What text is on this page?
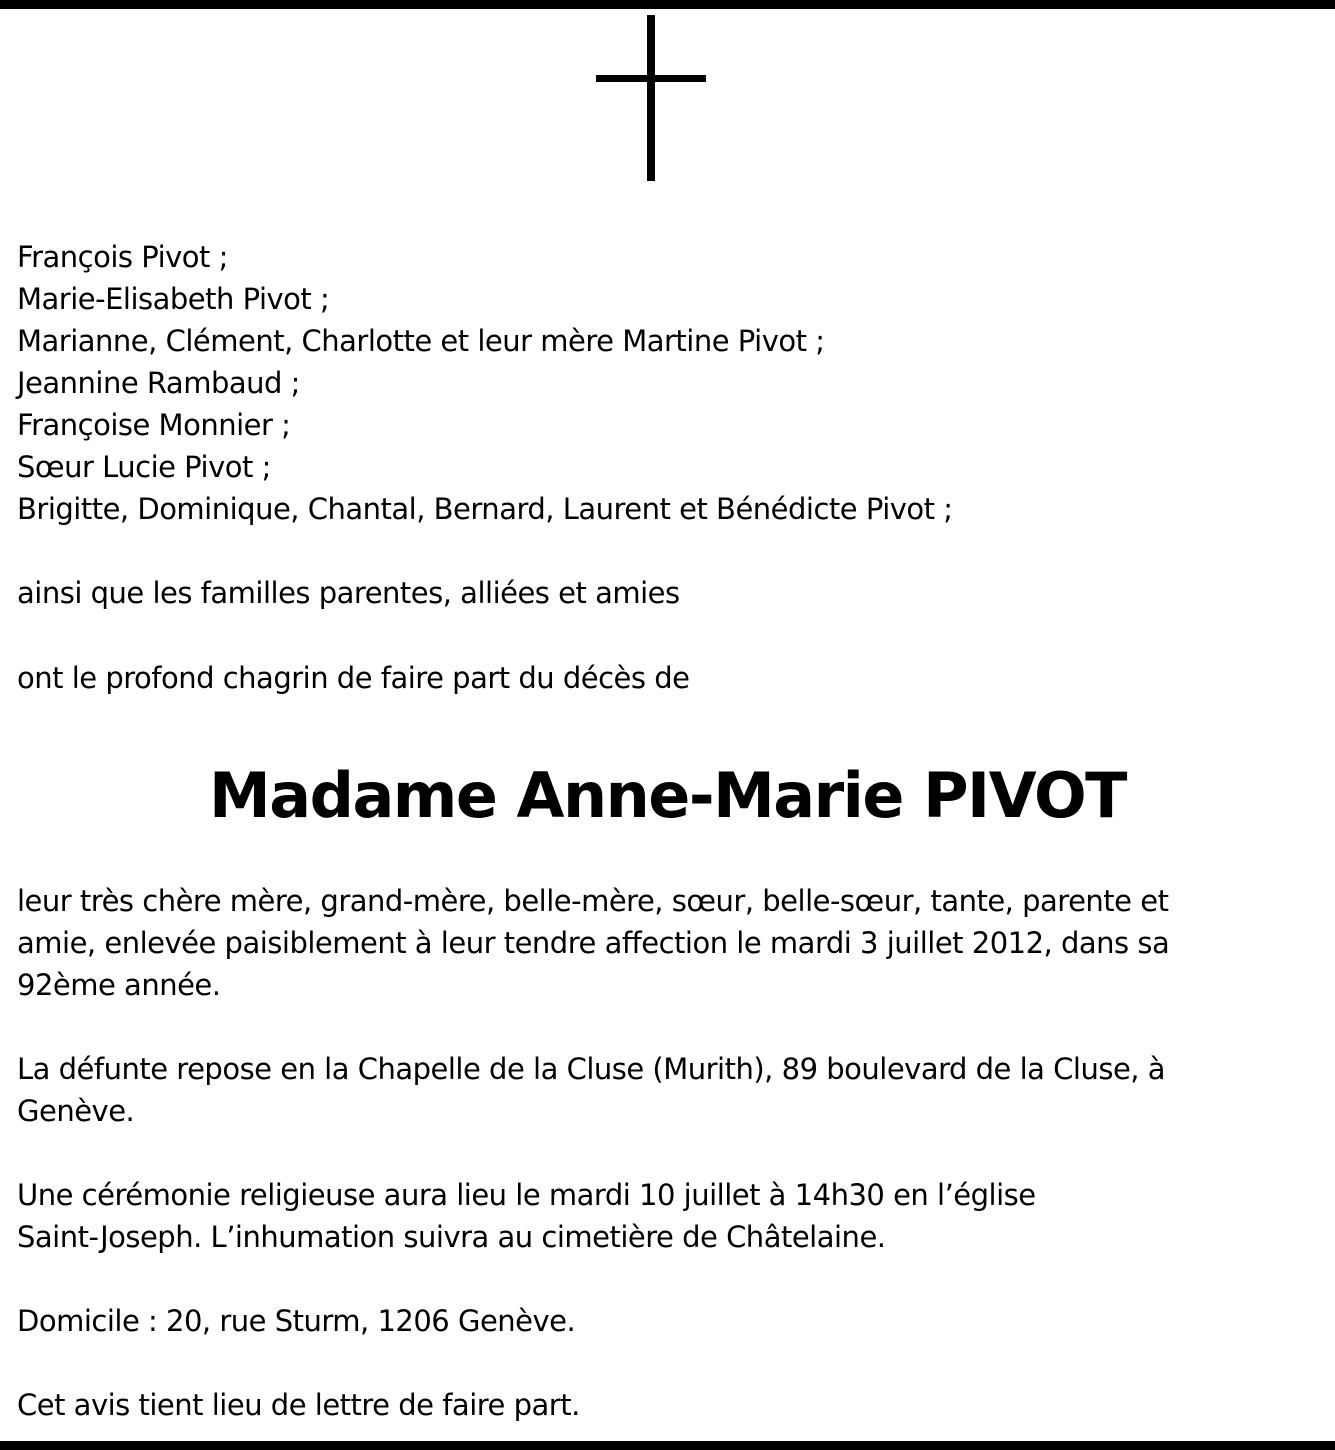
François Pivot ;
Marie-Elisabeth Pivot ;
Marianne, Clément, Charlotte et leur mère Martine Pivot ;
Jeannine Rambaud ;
Françoise Monnier ;
Sœur Lucie Pivot ;
Brigitte, Dominique, Chantal, Bernard, Laurent et Bénédicte Pivot ;
ainsi que les familles parentes, alliées et amies
ont le profond chagrin de faire part du décès de
Madame Anne-Marie PIVOT
leur très chère mère, grand-mère, belle-mère, sœur, belle-sœur, tante, parente et
amie, enlevée paisiblement à leur tendre affection le mardi 3 juillet 2012, dans sa
92ème année.
La défunte repose en la Chapelle de la Cluse (Murith), 89 boulevard de la Cluse, à
Genève.
Une cérémonie religieuse aura lieu le mardi 10 juillet à 14h30 en l’église
Saint-Joseph. L’inhumation suivra au cimetière de Châtelaine.
Domicile : 20, rue Sturm, 1206 Genève.
Cet avis tient lieu de lettre de faire part.
